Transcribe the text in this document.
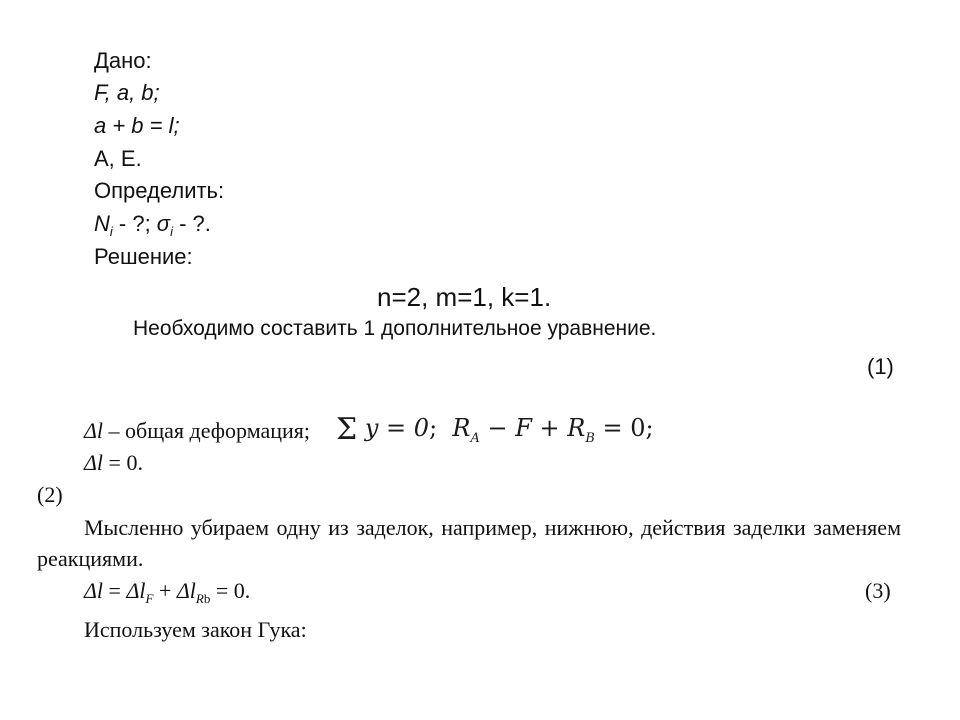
Дано:
F, a, b;
a + b = l;
A, E.
Определить:
$N_i$ - ?; $\sigma_i$ - ?.
Решение:
n=2, m=1, k=1.
Необходимо составить 1 дополнительное уравнение.
(1)
Δl – общая деформация; Σ y = 0; $R_A - F + R_B = 0$;
Δl = 0.
(2)
Мысленно убираем одну из заделок, например, нижнюю, действия заделки заменяем реакциями.
$\Delta l = \Delta l_F + \Delta l_{Rb} = 0$.	(3)
Используем закон Гука:
